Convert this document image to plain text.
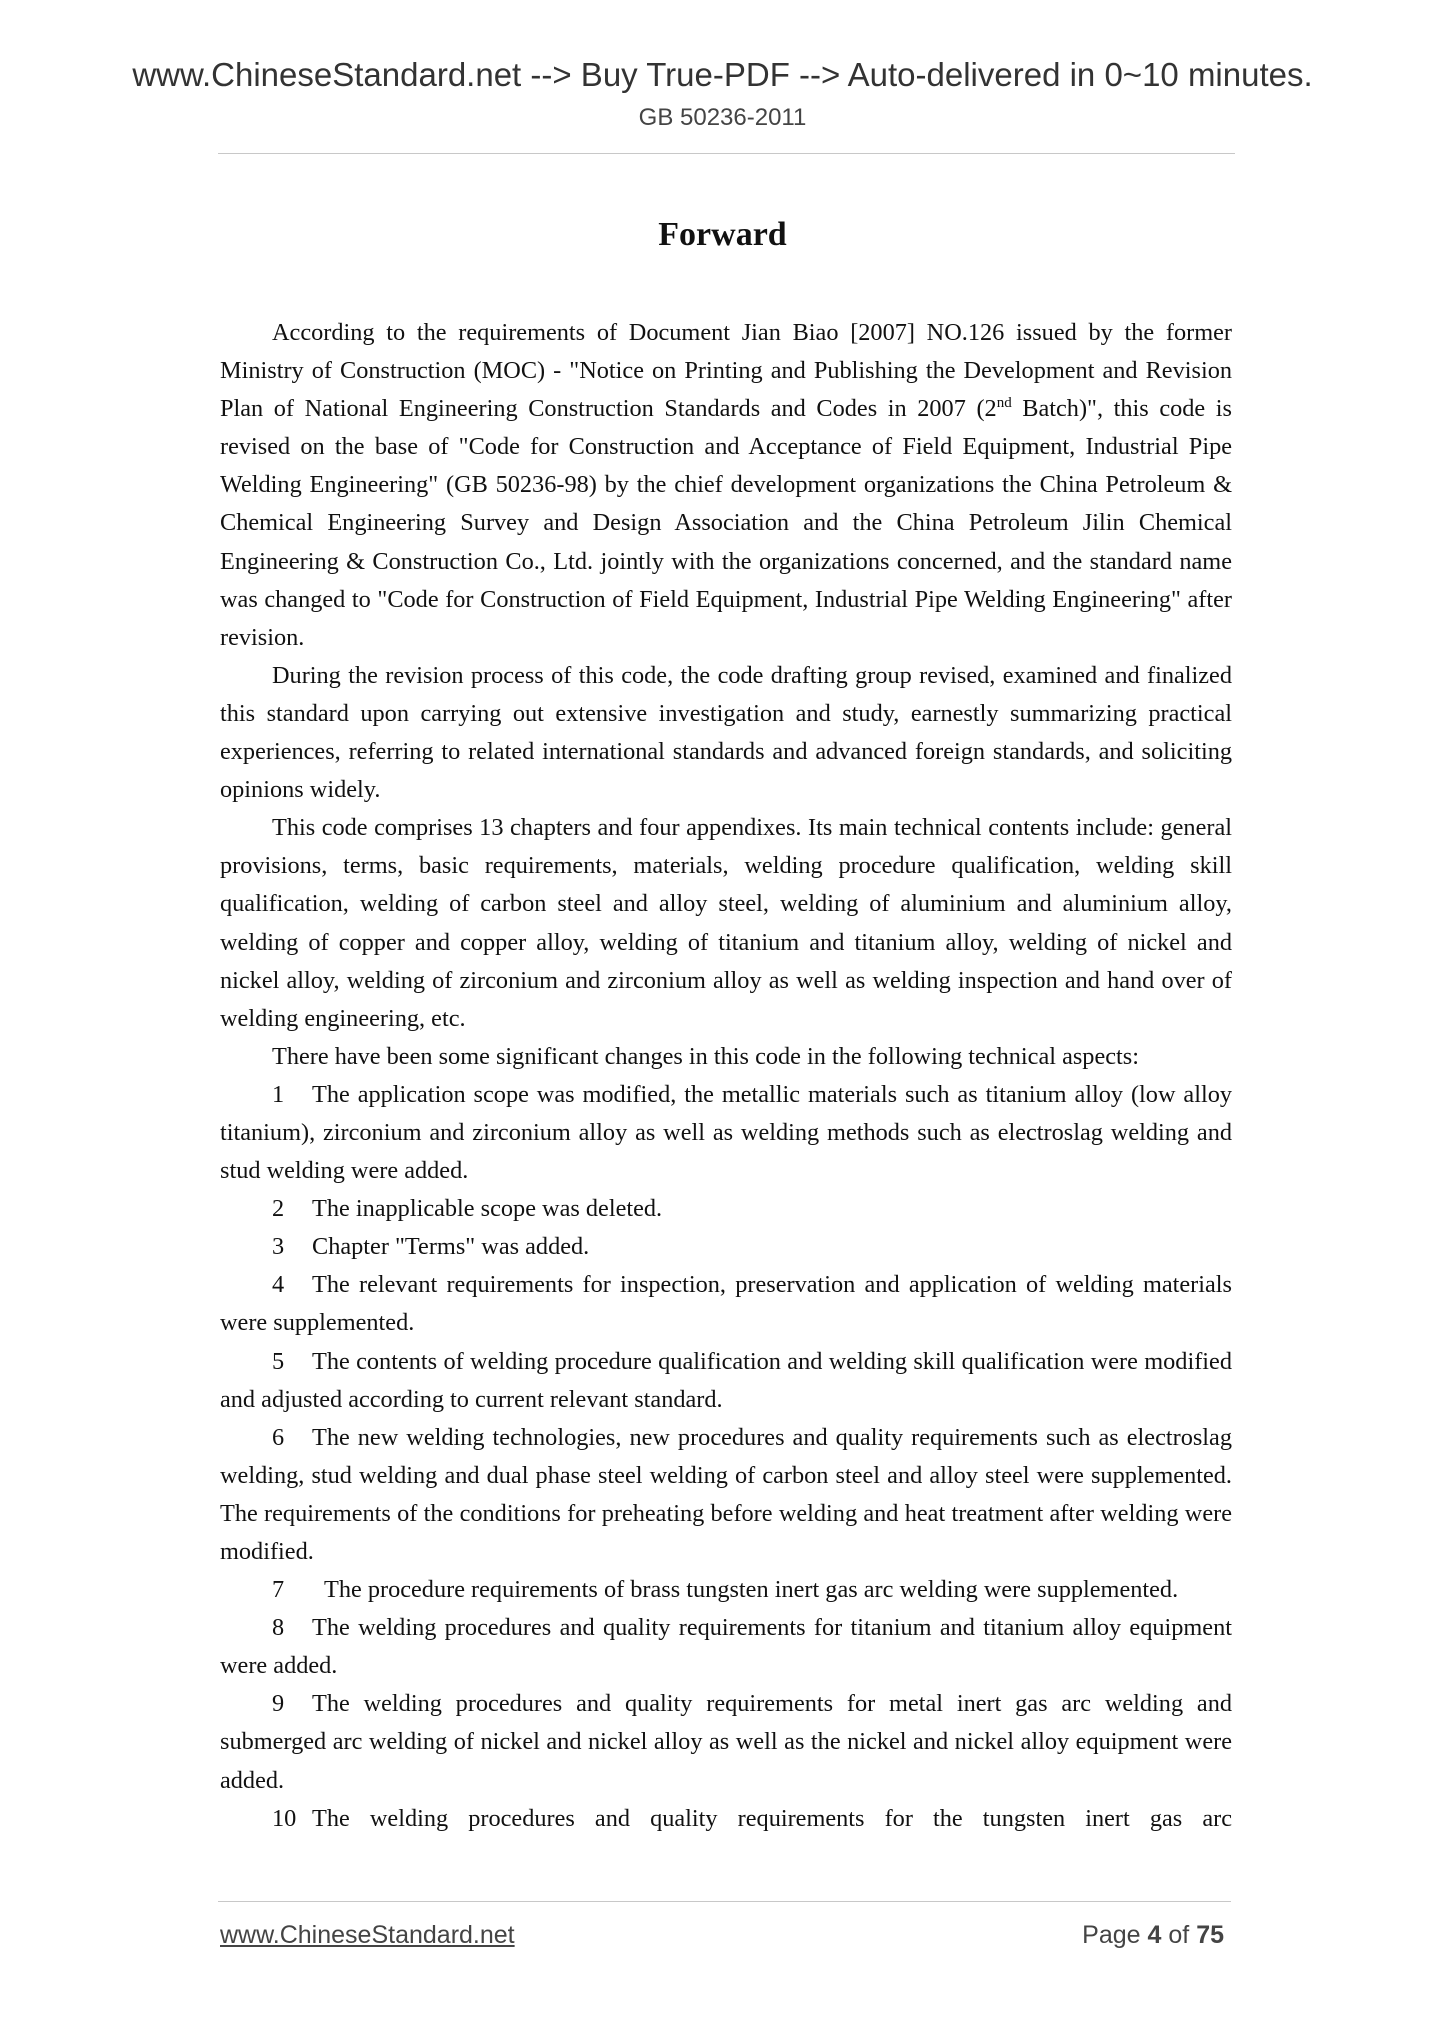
www.ChineseStandard.net --> Buy True-PDF --> Auto-delivered in 0~10 minutes.
GB 50236-2011
Forward

According to the requirements of Document Jian Biao [2007] NO.126 issued by the former Ministry of Construction (MOC) - "Notice on Printing and Publishing the Development and Revision Plan of National Engineering Construction Standards and Codes in 2007 (2nd Batch)", this code is revised on the base of "Code for Construction and Acceptance of Field Equipment, Industrial Pipe Welding Engineering" (GB 50236-98) by the chief development organizations the China Petroleum & Chemical Engineering Survey and Design Association and the China Petroleum Jilin Chemical Engineering & Construction Co., Ltd. jointly with the organizations concerned, and the standard name was changed to "Code for Construction of Field Equipment, Industrial Pipe Welding Engineering" after revision.

During the revision process of this code, the code drafting group revised, examined and finalized this standard upon carrying out extensive investigation and study, earnestly summarizing practical experiences, referring to related international standards and advanced foreign standards, and soliciting opinions widely.

This code comprises 13 chapters and four appendixes. Its main technical contents include: general provisions, terms, basic requirements, materials, welding procedure qualification, welding skill qualification, welding of carbon steel and alloy steel, welding of aluminium and aluminium alloy, welding of copper and copper alloy, welding of titanium and titanium alloy, welding of nickel and nickel alloy, welding of zirconium and zirconium alloy as well as welding inspection and hand over of welding engineering, etc.

There have been some significant changes in this code in the following technical aspects:

1 The application scope was modified, the metallic materials such as titanium alloy (low alloy titanium), zirconium and zirconium alloy as well as welding methods such as electroslag welding and stud welding were added.

2 The inapplicable scope was deleted.

3 Chapter "Terms" was added.

4 The relevant requirements for inspection, preservation and application of welding materials were supplemented.

5 The contents of welding procedure qualification and welding skill qualification were modified and adjusted according to current relevant standard.

6 The new welding technologies, new procedures and quality requirements such as electroslag welding, stud welding and dual phase steel welding of carbon steel and alloy steel were supplemented. The requirements of the conditions for preheating before welding and heat treatment after welding were modified.

7 The procedure requirements of brass tungsten inert gas arc welding were supplemented.

8 The welding procedures and quality requirements for titanium and titanium alloy equipment were added.

9 The welding procedures and quality requirements for metal inert gas arc welding and submerged arc welding of nickel and nickel alloy as well as the nickel and nickel alloy equipment were added.

10 The welding procedures and quality requirements for the tungsten inert gas arc

www.ChineseStandard.net	Page 4 of 75
